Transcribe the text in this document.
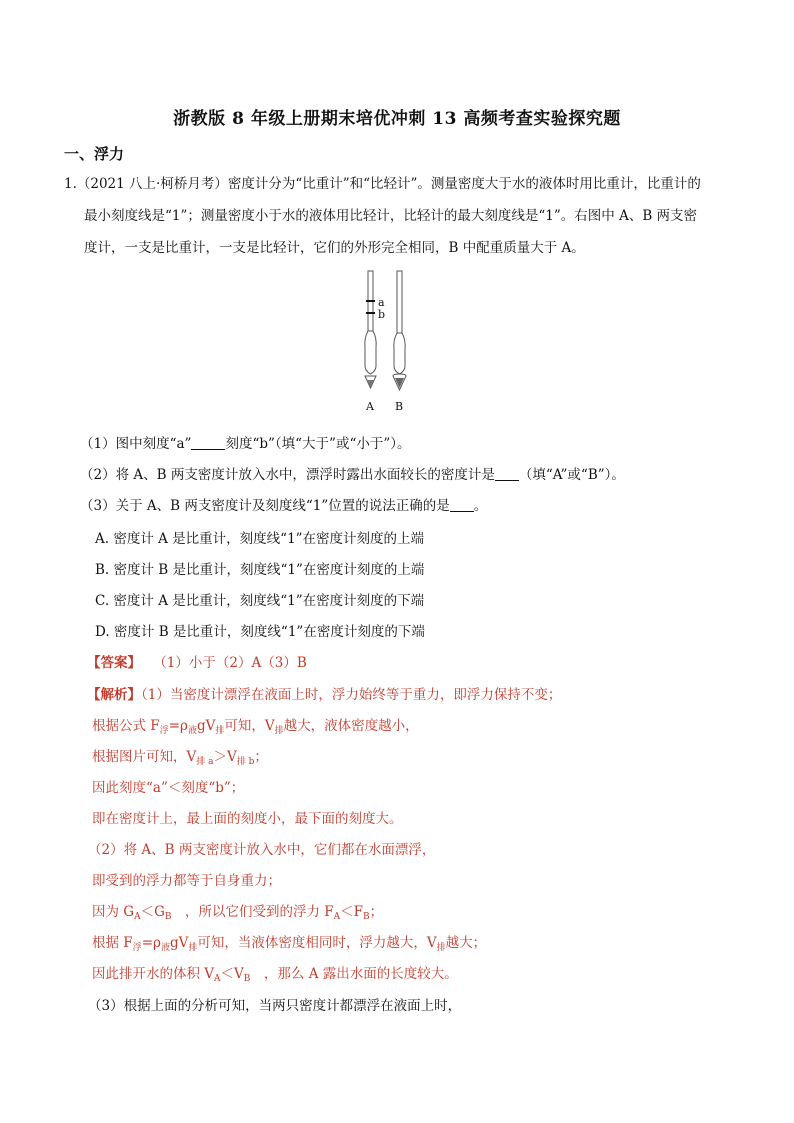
浙教版 8 年级上册期末培优冲刺 13 高频考查实验探究题
一、浮力
1.（2021 八上·柯桥月考）密度计分为“比重计”和“比轻计”。测量密度大于水的液体时用比重计，比重计的
最小刻度线是“1”；测量密度小于水的液体用比轻计，比轻计的最大刻度线是“1”。右图中 A、B 两支密
度计，一支是比重计，一支是比轻计，它们的外形完全相同，B 中配重质量大于 A。
a
b
A B
（1）图中刻度“a”	刻度“b”（填“大于”或“小于”）。
（2）将 A、B 两支密度计放入水中，漂浮时露出水面较长的密度计是 （填“A”或“B”）。
（3）关于 A、B 两支密度计及刻度线“1”位置的说法正确的是 。
A. 密度计 A 是比重计，刻度线“1”在密度计刻度的上端
B. 密度计 B 是比重计，刻度线“1”在密度计刻度的上端
C. 密度计 A 是比重计，刻度线“1”在密度计刻度的下端
D. 密度计 B 是比重计，刻度线“1”在密度计刻度的下端
【答案】 （1）小于（2）A（3）B
【解析】（1）当密度计漂浮在液面上时，浮力始终等于重力，即浮力保持不变；
根据公式 $F_浮=\rho_液gV_排$可知，$V_排$越大，液体密度越小，
根据图片可知，$V_{排 a}>V_{排 b}$；
因此刻度“a”＜刻度“b”；
即在密度计上，最上面的刻度小，最下面的刻度大。
（2）将 A、B 两支密度计放入水中，它们都在水面漂浮，
即受到的浮力都等于自身重力；
因为 $G_A<G_B$　，所以它们受到的浮力 $F_A<F_B$；
根据 $F_浮=\rho_液gV_排$可知，当液体密度相同时，浮力越大，$V_排$越大；
因此排开水的体积 $V_A<V_B$　，那么 A 露出水面的长度较大。
（3）根据上面的分析可知，当两只密度计都漂浮在液面上时，
